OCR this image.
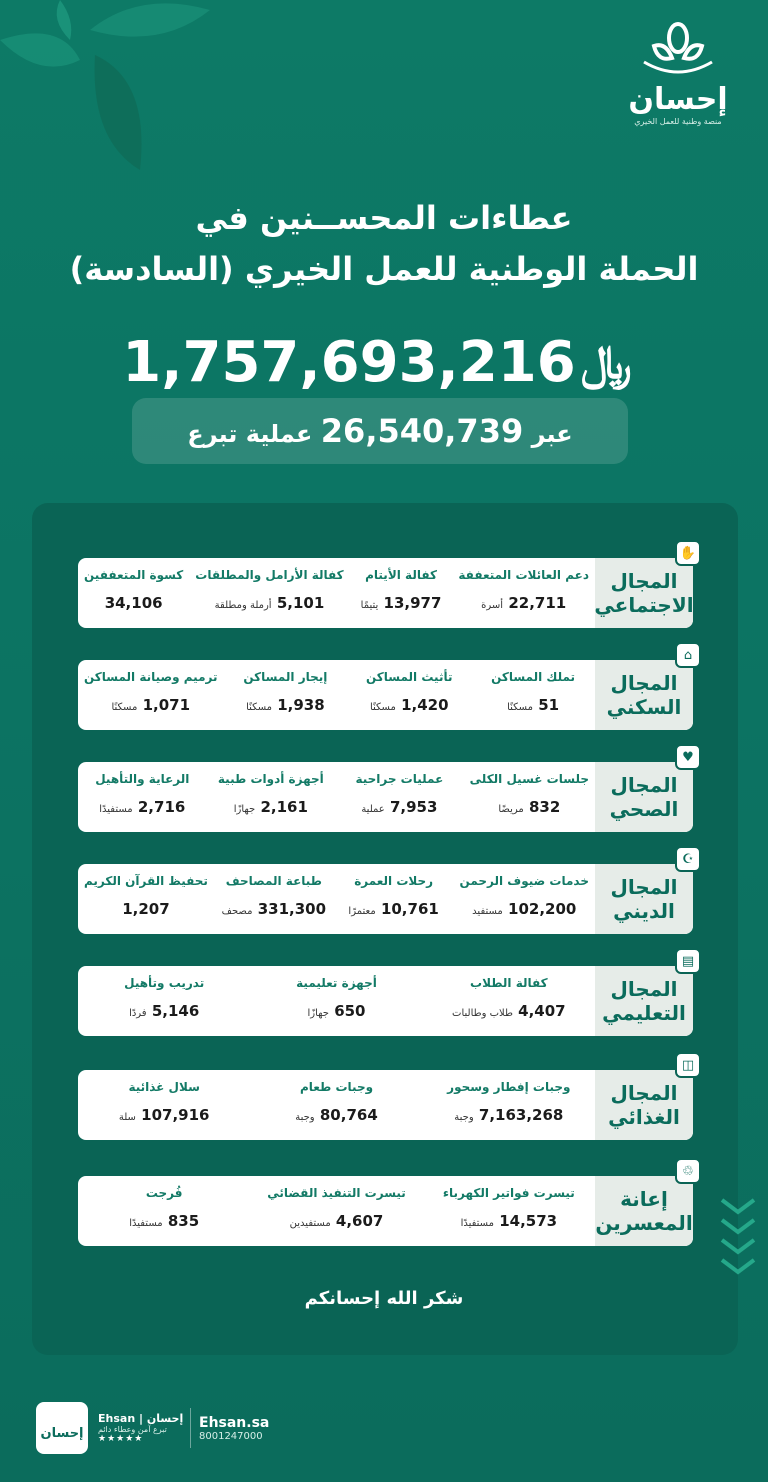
إحسان
منصة وطنية للعمل الخيري
عطاءات المحســنين في
الحملة الوطنية للعمل الخيري (السادسة)
﷼ 1,757,693,216
عبر 26,540,739 عملية تبرع
المجال الاجتماعي
✋
دعم العائلات المتعففة
22,711 أسرة
كفالة الأيتام
13,977 يتيمًا
كفالة الأرامل والمطلقات
5,101 أرملة ومطلقة
كسوة المتعففين
34,106
المجال السكني
⌂
تملك المساكن
51 مسكنًا
تأثيث المساكن
1,420 مسكنًا
إيجار المساكن
1,938 مسكنًا
ترميم وصيانة المساكن
1,071 مسكنًا
المجال الصحي
♥
جلسات غسيل الكلى
832 مريضًا
عمليات جراحية
7,953 عملية
أجهزة أدوات طبية
2,161 جهازًا
الرعاية والتأهيل
2,716 مستفيدًا
المجال الديني
☪
خدمات ضيوف الرحمن
102,200 مستفيد
رحلات العمرة
10,761 معتمرًا
طباعة المصاحف
331,300 مصحف
تحفيظ القرآن الكريم
1,207
المجال التعليمي
▤
كفالة الطلاب
4,407 طلاب وطالبات
أجهزة تعليمية
650 جهازًا
تدريب وتأهيل
5,146 فردًا
المجال الغذائي
◫
وجبات إفطار وسحور
7,163,268 وجبة
وجبات طعام
80,764 وجبة
سلال غذائية
107,916 سلة
إعانة المعسرين
♲
تيسرت فواتير الكهرباء
14,573 مستفيدًا
تيسرت التنفيذ القضائي
4,607 مستفيدين
فُرجت
835 مستفيدًا
شكر الله إحسانكم
إحسان
Ehsan | إحسان
تبرع آمن وعطاء دائم
★★★★★
Ehsan.sa
8001247000
